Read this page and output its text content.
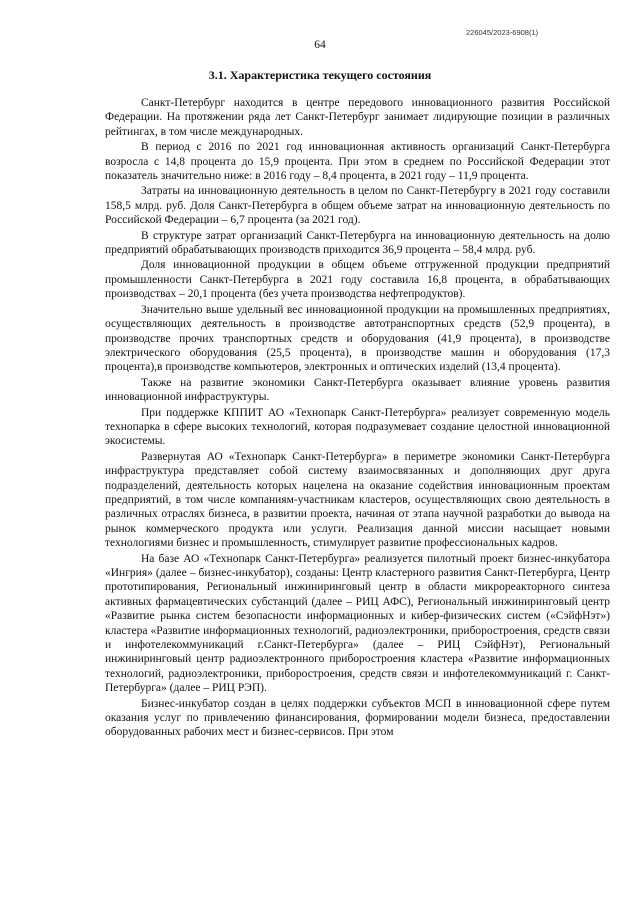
226045/2023-6908(1)
64
3.1. Характеристика текущего состояния

Санкт-Петербург находится в центре передового инновационного развития Российской Федерации. На протяжении ряда лет Санкт-Петербург занимает лидирующие позиции в различных рейтингах, в том числе международных.

В период с 2016 по 2021 год инновационная активность организаций Санкт-Петербурга возросла с 14,8 процента до 15,9 процента. При этом в среднем по Российской Федерации этот показатель значительно ниже: в 2016 году – 8,4 процента, в 2021 году – 11,9 процента.

Затраты на инновационную деятельность в целом по Санкт-Петербургу в 2021 году составили 158,5 млрд. руб. Доля Санкт-Петербурга в общем объеме затрат на инновационную деятельность по Российской Федерации – 6,7 процента (за 2021 год).

В структуре затрат организаций Санкт-Петербурга на инновационную деятельность на долю предприятий обрабатывающих производств приходится 36,9 процента – 58,4 млрд. руб.

Доля инновационной продукции в общем объеме отгруженной продукции предприятий промышленности Санкт-Петербурга в 2021 году составила 16,8 процента, в обрабатывающих производствах – 20,1 процента (без учета производства нефтепродуктов).

Значительно выше удельный вес инновационной продукции на промышленных предприятиях, осуществляющих деятельность в производстве автотранспортных средств (52,9 процента), в производстве прочих транспортных средств и оборудования (41,9 процента), в производстве электрического оборудования (25,5 процента), в производстве машин и оборудования (17,3 процента),в производстве компьютеров, электронных и оптических изделий (13,4 процента).

Также на развитие экономики Санкт-Петербурга оказывает влияние уровень развития инновационной инфраструктуры.

При поддержке КППИТ АО «Технопарк Санкт-Петербурга» реализует современную модель технопарка в сфере высоких технологий, которая подразумевает создание целостной инновационной экосистемы.

Развернутая АО «Технопарк Санкт-Петербурга» в периметре экономики Санкт-Петербурга инфраструктура представляет собой систему взаимосвязанных и дополняющих друг друга подразделений, деятельность которых нацелена на оказание содействия инновационным проектам предприятий, в том числе компаниям-участникам кластеров, осуществляющих свою деятельность в различных отраслях бизнеса, в развитии проекта, начиная от этапа научной разработки до вывода на рынок коммерческого продукта или услуги. Реализация данной миссии насыщает новыми технологиями бизнес и промышленность, стимулирует развитие профессиональных кадров.

На базе АО «Технопарк Санкт-Петербурга» реализуется пилотный проект бизнес-инкубатора «Ингрия» (далее – бизнес-инкубатор), созданы: Центр кластерного развития Санкт-Петербурга, Центр прототипирования, Региональный инжиниринговый центр в области микрореакторного синтеза активных фармацевтических субстанций (далее – РИЦ АФС), Региональный инжиниринговый центр «Развитие рынка систем безопасности информационных и кибер-физических систем («СэйфНэт») кластера «Развитие информационных технологий, радиоэлектроники, приборостроения, средств связи и инфотелекоммуникаций г.Санкт-Петербурга» (далее – РИЦ СэйфНэт), Региональный инжиниринговый центр радиоэлектронного приборостроения кластера «Развитие информационных технологий, радиоэлектроники, приборостроения, средств связи и инфотелекоммуникаций г. Санкт-Петербурга» (далее – РИЦ РЭП).

Бизнес-инкубатор создан в целях поддержки субъектов МСП в инновационной сфере путем оказания услуг по привлечению финансирования, формировании модели бизнеса, предоставлении оборудованных рабочих мест и бизнес-сервисов. При этом
